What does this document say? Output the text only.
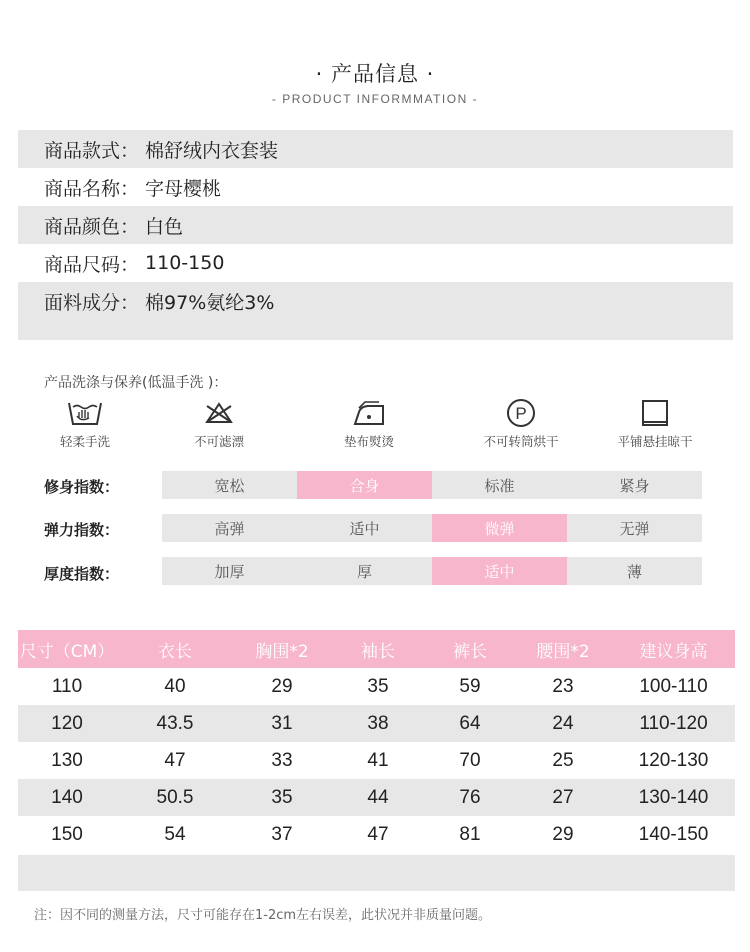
· 产品信息 ·
- PRODUCT INFORMMATION -
商品款式： 棉舒绒内衣套装
商品名称： 字母樱桃
商品颜色： 白色
商品尺码： 110-150
面料成分： 棉97%氨纶3%
产品洗涤与保养(低温手洗 )：
轻柔手洗	不可滤漂	垫布熨烫
P
不可转筒烘干	平铺悬挂晾干
修身指数：	宽松	合身	标准	紧身
弹力指数：	高弹	适中	微弹	无弹
厚度指数：	加厚	厚	适中	薄
尺寸（CM）	衣长	胸围*2	袖长	裤长	腰围*2	建议身高
110	40	29	35	59	23	100-110
120	43.5	31	38	64	24	110-120
130	47	33	41	70	25	120-130
140	50.5	35	44	76	27	130-140
150	54	37	47	81	29	140-150
注：因不同的测量方法，尺寸可能存在1-2cm左右误差，此状况并非质量问题。
